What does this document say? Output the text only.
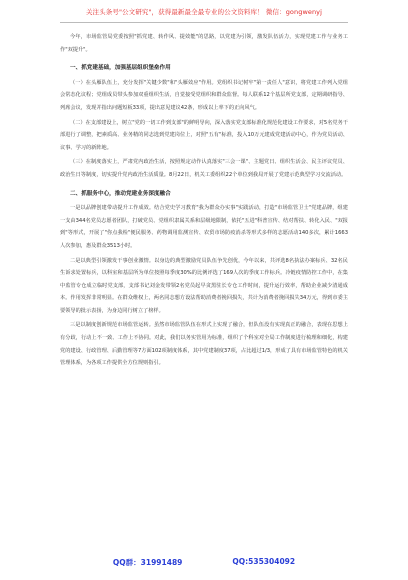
关注头条号"公文研究"，获得最新最全最专业的公文资料库！ 微信：gongwenyj

今年，市场监管局党委按照"抓党建、转作风、提效能"的思路，以党建为引领，激发队伍活力，实现党建工作与业务工作"双提升"。

一、抓党建基础，加强基层组织堡垒作用

（一）在头雁队伍上，充分发挥"关键少数"和"头雁效应"作用。党组织书记树牢"第一责任人"意识，将党建工作列入党组会常态化议程；党组成员带头参加双重组织生活，自觉接受党组织和群众监督。每人联系12个基层所党支部，定期调研指导、列席会议，发现并指出问题短板33项，提出意见建议42条，形成以上率下的正向风气。

（二）在支部建设上，树立"党的一切工作到支部"的鲜明导向，深入落实党支部标准化规范化建设工作要求，对5名党务干部进行了调整，把素质高、业务精的同志选到党建岗位上，对照"五有"标准，投入10万元建成党建活动中心，作为党员活动、议事、学习的新阵地。

（三）在制度落实上，严肃党内政治生活，按照规定动作认真落实"三会一课"、主题党日、组织生活会、民主评议党员、政治生日等制度，切实提升党内政治生活质量。8月22日，机关工委组织22个单位到我局开展了党建示范典型学习交流活动。

二、抓服务中心，推动党建业务深度融合

一是以品牌创建带动提升工作成效。结合党史学习教育"我为群众办实事"实践活动，打造"市场监管卫士"党建品牌，组建一支由344名党员志愿者团队，打破党员、党组织隶属关系和层级地限制，依托"五进"科普宣传、结对帮扶、转化入民、"双报到"等形式，开展了"你点我检"便民服务、药物调用监测宣传、农贸市场防疫消杀等形式多样的志愿活动140多次，累计1663人次参加，惠及群众3513小时。

二是以典型引领激发干事创业激情。以身边的典型激励党员队伍争先创优，今年以来，共评选8名执法办案标兵、32名民生诉求处置标兵，以科室和基层所为单位按照每季度30%的比例评选了169人次的季度工作标兵。冷链疫情防控工作中，在集中监管专仓成立临时党支部，支部书记刘金发带领2名党员起早贪黑驻长专仓工作时间，提升运行效率，帮助企业减少清通成本。作用发挥非常明显。在群众维权上，两名同志想方设法帮助消费者挽回损失，共计为消费者挽回损失34万元，得到市委主要领导的批示表扬，为身边同行树立了榜样。

三是以制度创新规范市场监管运转。虽然市场监管队伍在形式上实现了融合，但队伍没有实现真正的融合，表现在思想上有分歧，行动上不一致、工作上不协同。对此，我们以务实管用为标准，组织了个科室对全局工作制度进行梳理和细化，构建党的建设、行政管理、后勤管理等7方面102项制度体系，其中党建制度37项，占比超过1/3，形成了具有市场监管特色的机关管理体系，为各项工作提供全方位规则指引。

QQ群：31991489	QQ:535304092
